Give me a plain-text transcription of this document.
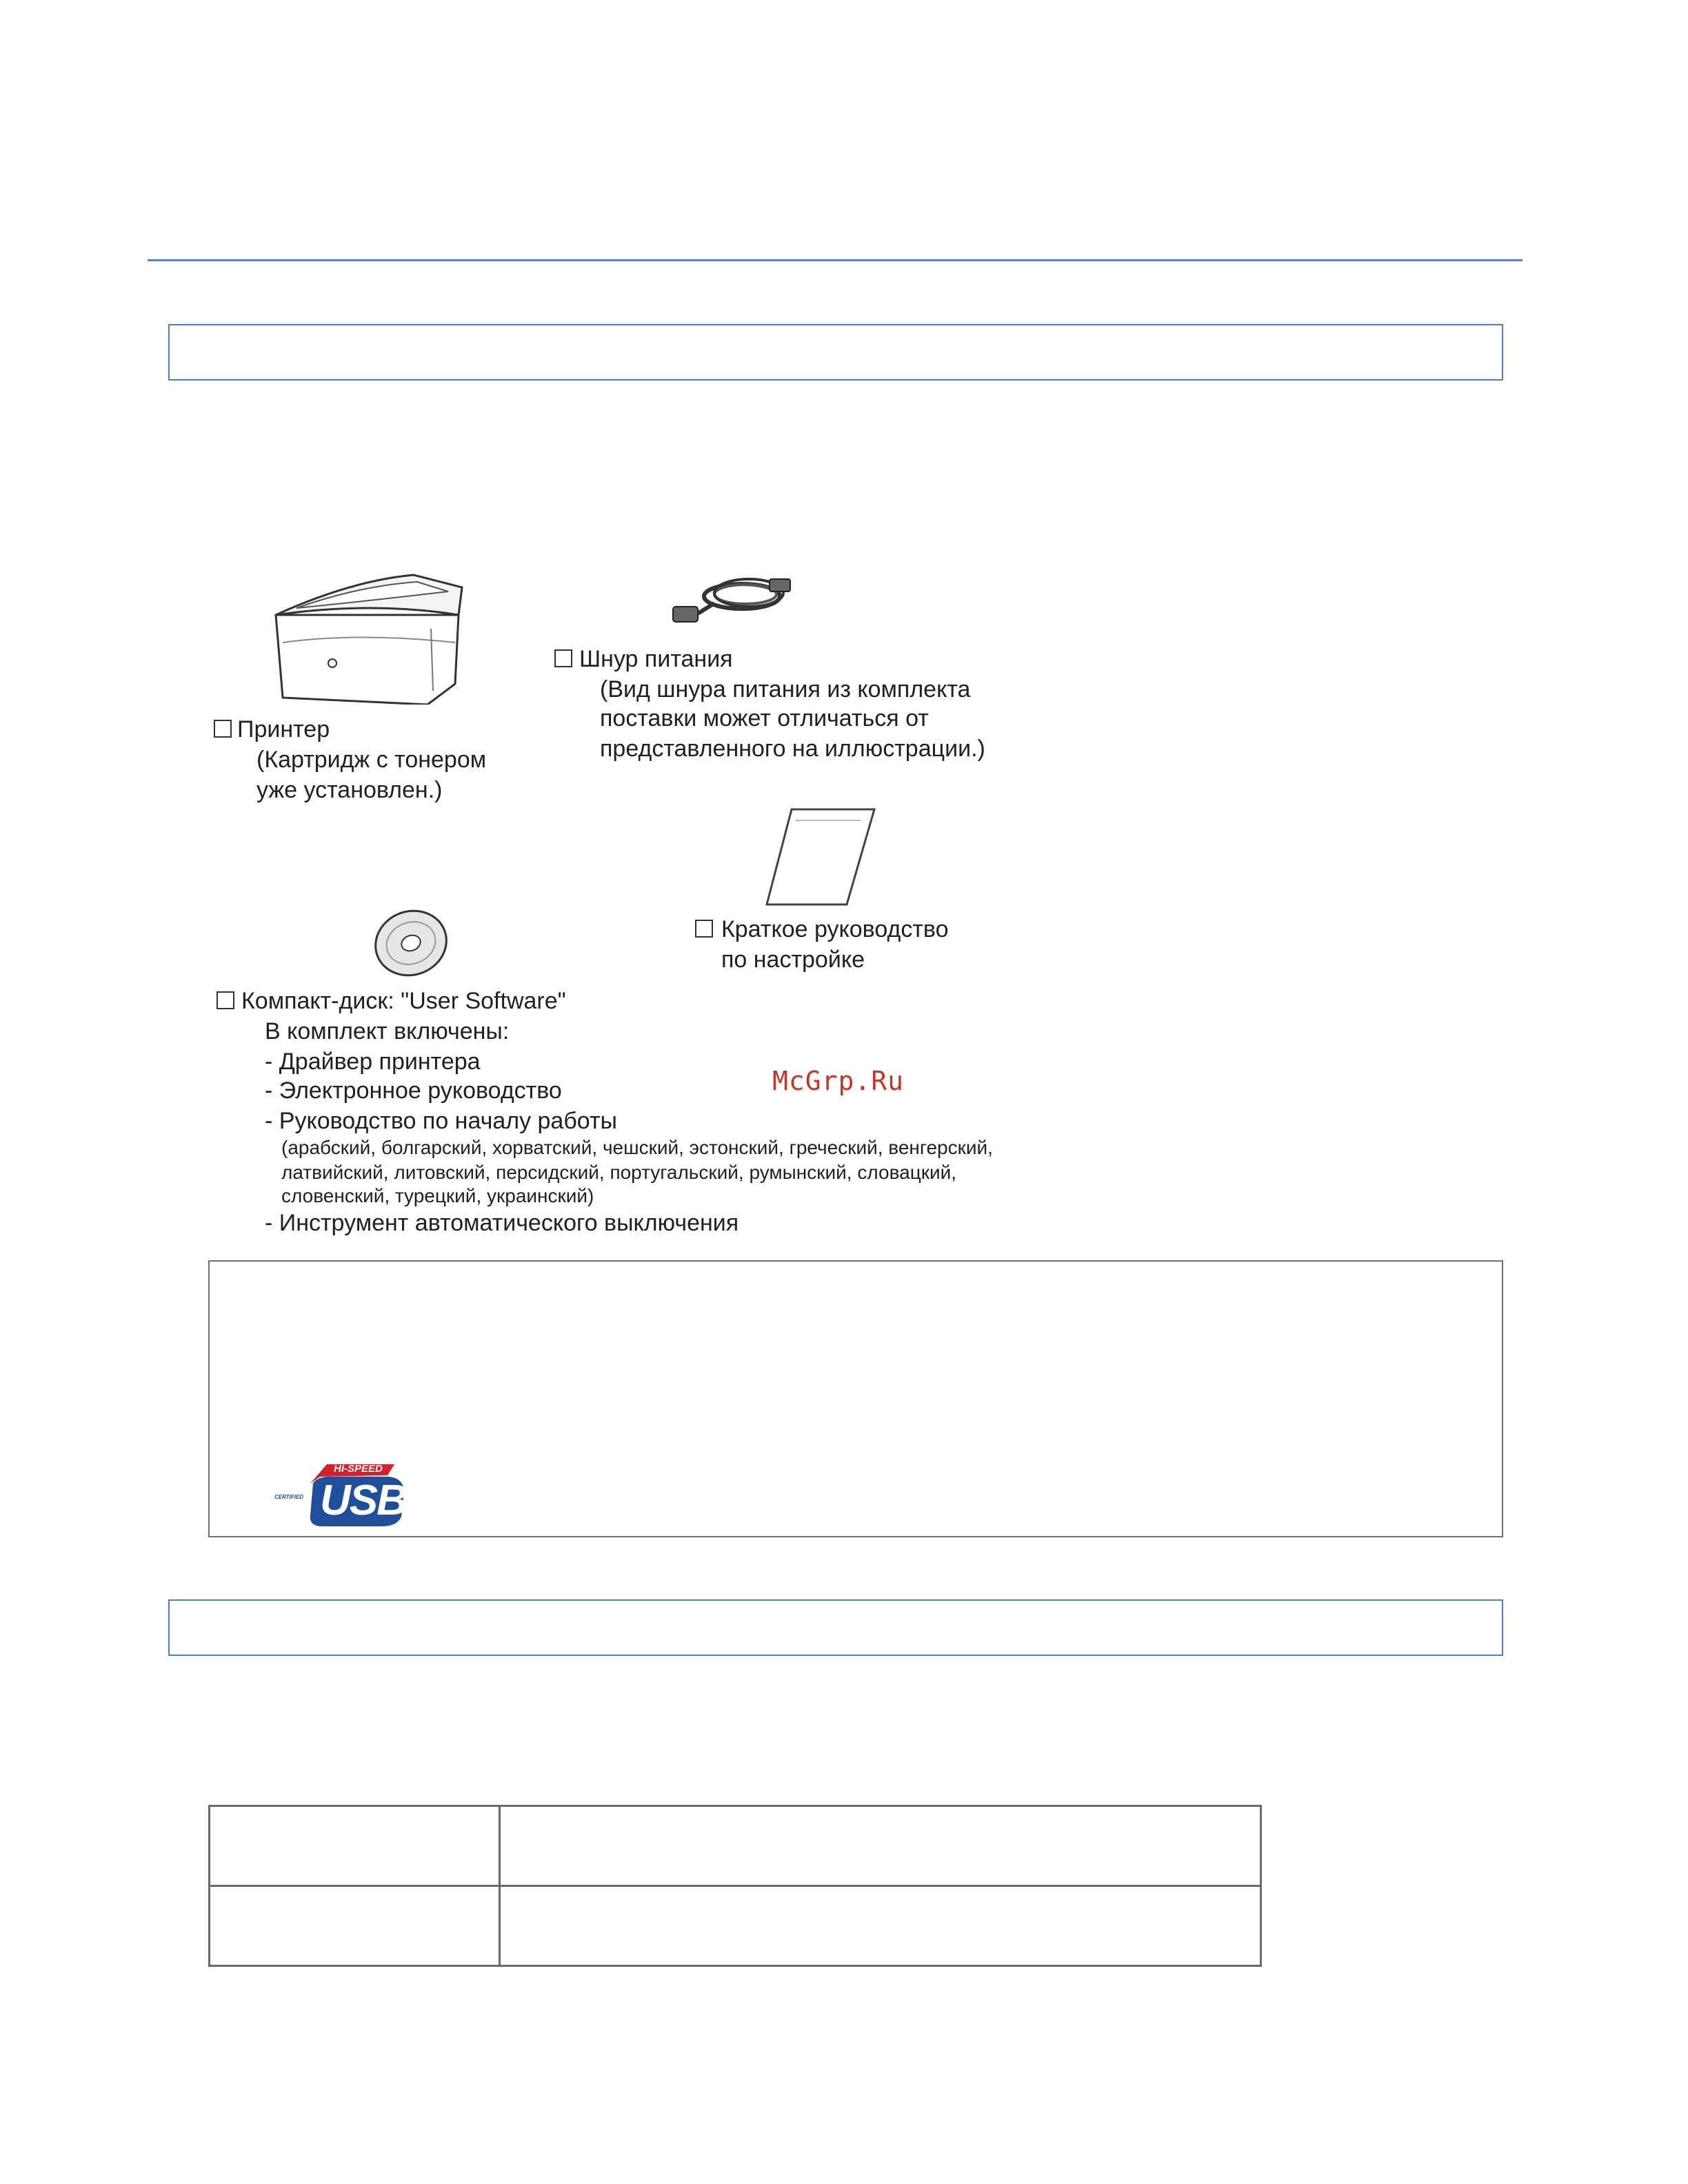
Принтер
(Картридж с тонером
уже установлен.)
Шнур питания
(Вид шнура питания из комплекта
поставки может отличаться от
представленного на иллюстрации.)
Краткое руководство
по настройке
Компакт-диск: "User Software"
В комплект включены:
- Драйвер принтера
- Электронное руководство
- Руководство по началу работы
(арабский, болгарский, хорватский, чешский, эстонский, греческий, венгерский,
латвийский, литовский, персидский, португальский, румынский, словацкий,
словенский, турецкий, украинский)
- Инструмент автоматического выключения
McGrp.Ru
HI-SPEED
CERTIFIED USB
